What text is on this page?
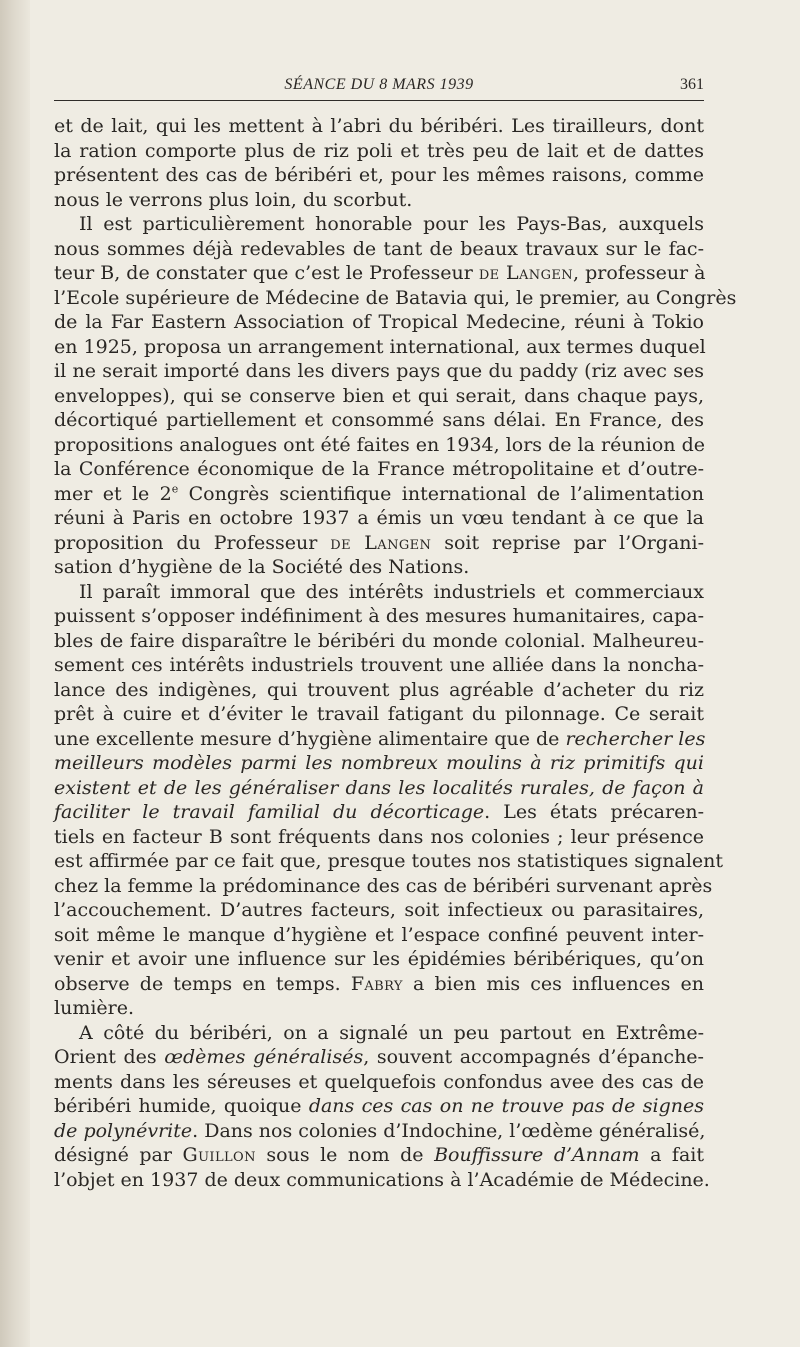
SÉANCE DU 8 MARS 1939	361
et de lait, qui les mettent à l’abri du béribéri. Les tirailleurs, dont
la ration comporte plus de riz poli et très peu de lait et de dattes
présentent des cas de béribéri et, pour les mêmes raisons, comme
nous le verrons plus loin, du scorbut.
Il est particulièrement honorable pour les Pays-Bas, auxquels
nous sommes déjà redevables de tant de beaux travaux sur le fac-
teur B, de constater que c’est le Professeur de Langen, professeur à
l’Ecole supérieure de Médecine de Batavia qui, le premier, au Congrès
de la Far Eastern Association of Tropical Medecine, réuni à Tokio
en 1925, proposa un arrangement international, aux termes duquel
il ne serait importé dans les divers pays que du paddy (riz avec ses
enveloppes), qui se conserve bien et qui serait, dans chaque pays,
décortiqué partiellement et consommé sans délai. En France, des
propositions analogues ont été faites en 1934, lors de la réunion de
la Conférence économique de la France métropolitaine et d’outre-
mer et le 2e Congrès scientifique international de l’alimentation
réuni à Paris en octobre 1937 a émis un vœu tendant à ce que la
proposition du Professeur de Langen soit reprise par l’Organi-
sation d’hygiène de la Société des Nations.
Il paraît immoral que des intérêts industriels et commerciaux
puissent s’opposer indéfiniment à des mesures humanitaires, capa-
bles de faire disparaître le béribéri du monde colonial. Malheureu-
sement ces intérêts industriels trouvent une alliée dans la noncha-
lance des indigènes, qui trouvent plus agréable d’acheter du riz
prêt à cuire et d’éviter le travail fatigant du pilonnage. Ce serait
une excellente mesure d’hygiène alimentaire que de rechercher les
meilleurs modèles parmi les nombreux moulins à riz primitifs qui
existent et de les généraliser dans les localités rurales, de façon à
faciliter le travail familial du décorticage. Les états précaren-
tiels en facteur B sont fréquents dans nos colonies ; leur présence
est affirmée par ce fait que, presque toutes nos statistiques signalent
chez la femme la prédominance des cas de béribéri survenant après
l’accouchement. D’autres facteurs, soit infectieux ou parasitaires,
soit même le manque d’hygiène et l’espace confiné peuvent inter-
venir et avoir une influence sur les épidémies béribériques, qu’on
observe de temps en temps. Fabry a bien mis ces influences en
lumière.
A côté du béribéri, on a signalé un peu partout en Extrême-
Orient des œdèmes généralisés, souvent accompagnés d’épanche-
ments dans les séreuses et quelquefois confondus avee des cas de
béribéri humide, quoique dans ces cas on ne trouve pas de signes
de polynévrite. Dans nos colonies d’Indochine, l’œdème généralisé,
désigné par Guillon sous le nom de Bouffissure d’Annam a fait
l’objet en 1937 de deux communications à l’Académie de Médecine.
